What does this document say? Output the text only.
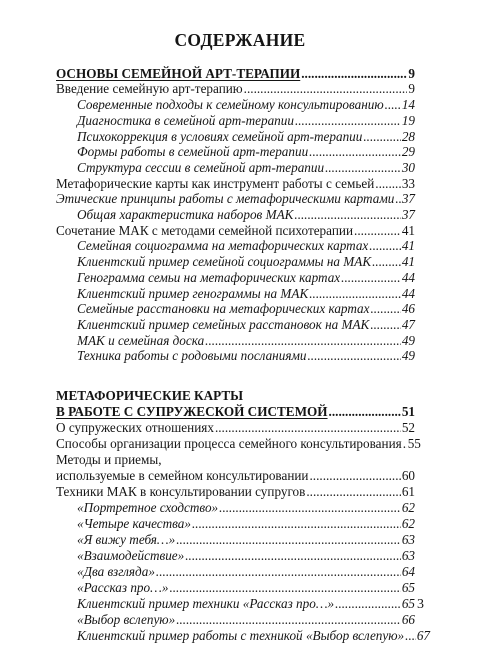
СОДЕРЖАНИЕ
ОСНОВЫ СЕМЕЙНОЙ АРТ-ТЕРАПИИ .....	9
Введение семейную арт-терапию .....	9
Современные подходы к семейному консультированию ..... 14
Диагностика в семейной арт-терапии .....	19
Психокоррекция в условиях семейной арт-терапии .....	28
Формы работы в семейной арт-терапии .....	29
Структура сессии в семейной арт-терапии .....	30
Метафорические карты как инструмент работы с семьей ..... 33
Этические принципы работы с метафорическими картами ..... 37
Общая характеристика наборов МАК .....	37
Сочетание МАК с методами семейной психотерапии .....	41
Семейная социограмма на метафорических картах .....	41
Клиентский пример семейной социограммы на МАК ..... 41
Генограмма семьи на метафорических картах .....	44
Клиентский пример генограммы на МАК .....	44
Семейные расстановки на метафорических картах ..... 46
Клиентский пример семейных расстановок на МАК ..... 47
МАК и семейная доска .....	49
Техника работы с родовыми посланиями .....	49
МЕТАФОРИЧЕСКИЕ КАРТЫ
В РАБОТЕ С СУПРУЖЕСКОЙ СИСТЕМОЙ .....	51
О супружеских отношениях .....	52
Способы организации процесса семейного консультирования ..... 55
Методы и приемы,
используемые в семейном консультировании .....	60
Техники МАК в консультировании супругов .....	61
«Портретное сходство» .....	62
«Четыре качества» .....	62
«Я вижу тебя…» .....	63
«Взаимодействие» .....	63
«Два взгляда» .....	64
«Рассказ про…» .....	65
Клиентский пример техники «Рассказ про…» .....	65
«Выбор вслепую» .....	66
Клиентский пример работы с техникой «Выбор вслепую» ..... 67
3
